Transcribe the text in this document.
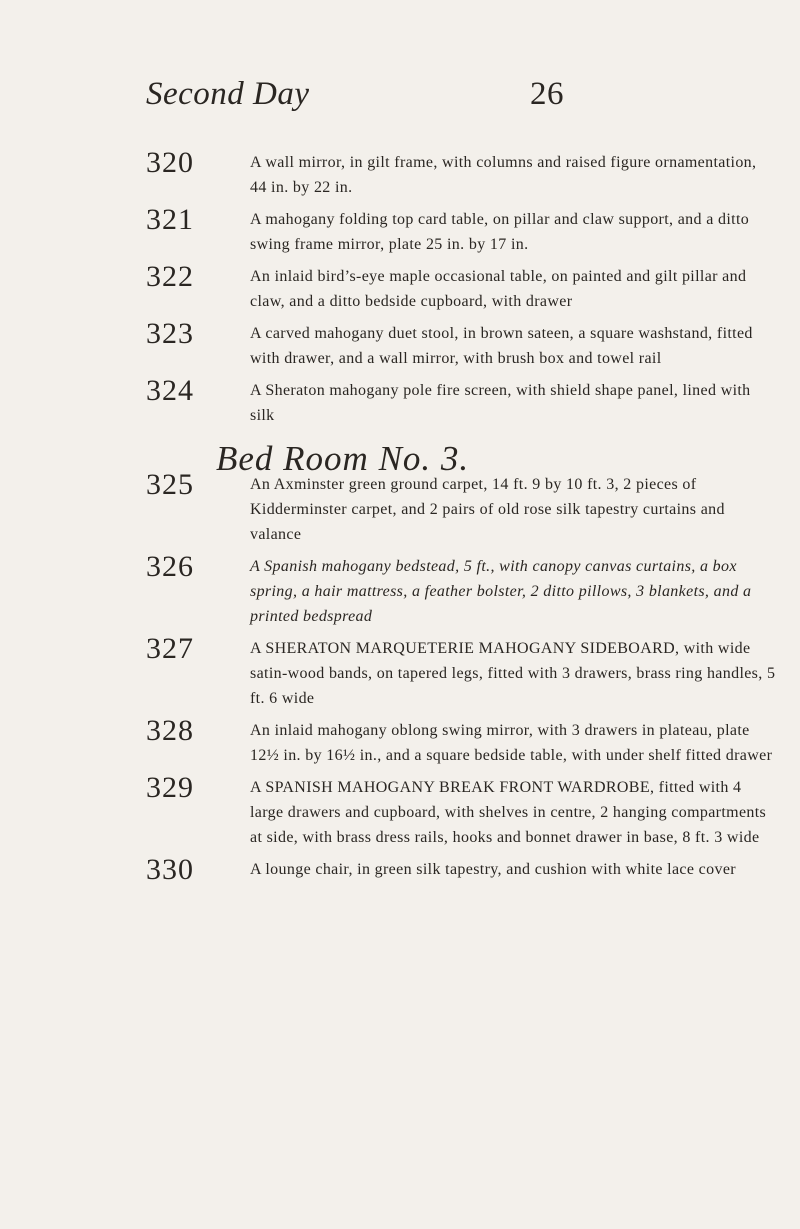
Second Day	26
320	A wall mirror, in gilt frame, with columns and raised figure ornamentation, 44 in. by 22 in.
321	A mahogany folding top card table, on pillar and claw support, and a ditto swing frame mirror, plate 25 in. by 17 in.
322	An inlaid bird’s-eye maple occasional table, on painted and gilt pillar and claw, and a ditto bedside cupboard, with drawer
323	A carved mahogany duet stool, in brown sateen, a square washstand, fitted with drawer, and a wall mirror, with brush box and towel rail
324	A Sheraton mahogany pole fire screen, with shield shape panel, lined with silk
Bed Room No. 3.
325	An Axminster green ground carpet, 14 ft. 9 by 10 ft. 3, 2 pieces of Kidderminster carpet, and 2 pairs of old rose silk tapestry curtains and valance
326	A Spanish mahogany bedstead, 5 ft., with canopy canvas curtains, a box spring, a hair mattress, a feather bolster, 2 ditto pillows, 3 blankets, and a printed bedspread
327	A SHERATON MARQUETERIE MAHOGANY SIDEBOARD, with wide satin-wood bands, on tapered legs, fitted with 3 drawers, brass ring handles, 5 ft. 6 wide
328	An inlaid mahogany oblong swing mirror, with 3 drawers in plateau, plate 12½ in. by 16½ in., and a square bedside table, with under shelf fitted drawer
329	A SPANISH MAHOGANY BREAK FRONT WARDROBE, fitted with 4 large drawers and cupboard, with shelves in centre, 2 hanging compartments at side, with brass dress rails, hooks and bonnet drawer in base, 8 ft. 3 wide
330	A lounge chair, in green silk tapestry, and cushion with white lace cover
